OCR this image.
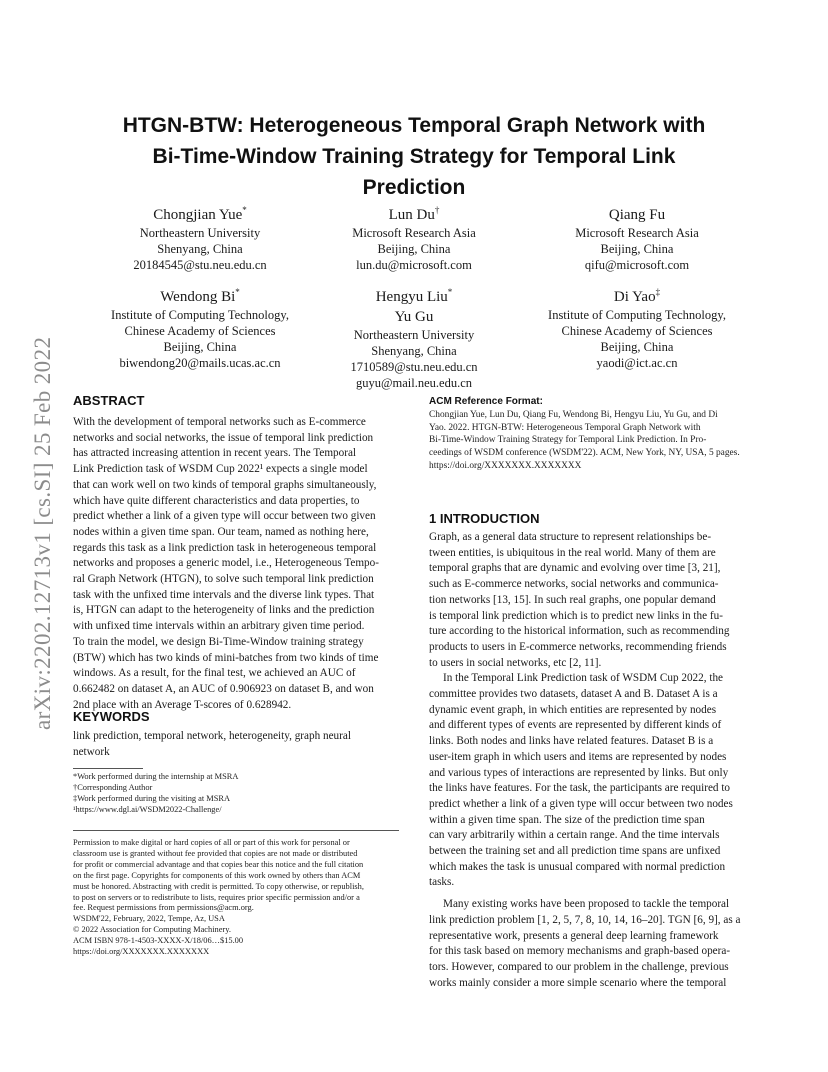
arXiv:2202.12713v1 [cs.SI] 25 Feb 2022
HTGN-BTW: Heterogeneous Temporal Graph Network with
Bi-Time-Window Training Strategy for Temporal Link
Prediction
Chongjian Yue*
Northeastern University
Shenyang, China
20184545@stu.neu.edu.cn
Lun Du†
Microsoft Research Asia
Beijing, China
lun.du@microsoft.com
Qiang Fu
Microsoft Research Asia
Beijing, China
qifu@microsoft.com
Wendong Bi*
Institute of Computing Technology,
Chinese Academy of Sciences
Beijing, China
biwendong20@mails.ucas.ac.cn
Hengyu Liu*
Yu Gu
Northeastern University
Shenyang, China
1710589@stu.neu.edu.cn
guyu@mail.neu.edu.cn
Di Yao‡
Institute of Computing Technology,
Chinese Academy of Sciences
Beijing, China
yaodi@ict.ac.cn
ABSTRACT
With the development of temporal networks such as E-commerce
networks and social networks, the issue of temporal link prediction
has attracted increasing attention in recent years. The Temporal
Link Prediction task of WSDM Cup 2022¹ expects a single model
that can work well on two kinds of temporal graphs simultaneously,
which have quite different characteristics and data properties, to
predict whether a link of a given type will occur between two given
nodes within a given time span. Our team, named as nothing here,
regards this task as a link prediction task in heterogeneous temporal
networks and proposes a generic model, i.e., Heterogeneous Tempo-
ral Graph Network (HTGN), to solve such temporal link prediction
task with the unfixed time intervals and the diverse link types. That
is, HTGN can adapt to the heterogeneity of links and the prediction
with unfixed time intervals within an arbitrary given time period.
To train the model, we design Bi-Time-Window training strategy
(BTW) which has two kinds of mini-batches from two kinds of time
windows. As a result, for the final test, we achieved an AUC of
0.662482 on dataset A, an AUC of 0.906923 on dataset B, and won
2nd place with an Average T-scores of 0.628942.
KEYWORDS
link prediction, temporal network, heterogeneity, graph neural
network
*Work performed during the internship at MSRA
†Corresponding Author
‡Work performed during the visiting at MSRA
¹https://www.dgl.ai/WSDM2022-Challenge/
Permission to make digital or hard copies of all or part of this work for personal or
classroom use is granted without fee provided that copies are not made or distributed
for profit or commercial advantage and that copies bear this notice and the full citation
on the first page. Copyrights for components of this work owned by others than ACM
must be honored. Abstracting with credit is permitted. To copy otherwise, or republish,
to post on servers or to redistribute to lists, requires prior specific permission and/or a
fee. Request permissions from permissions@acm.org.
WSDM'22, February, 2022, Tempe, Az, USA
© 2022 Association for Computing Machinery.
ACM ISBN 978-1-4503-XXXX-X/18/06…$15.00
https://doi.org/XXXXXXX.XXXXXXX
ACM Reference Format:
Chongjian Yue, Lun Du, Qiang Fu, Wendong Bi, Hengyu Liu, Yu Gu, and Di
Yao. 2022. HTGN-BTW: Heterogeneous Temporal Graph Network with
Bi-Time-Window Training Strategy for Temporal Link Prediction. In Pro-
ceedings of WSDM conference (WSDM'22). ACM, New York, NY, USA, 5 pages.
https://doi.org/XXXXXXX.XXXXXXX
1 INTRODUCTION
Graph, as a general data structure to represent relationships be-
tween entities, is ubiquitous in the real world. Many of them are
temporal graphs that are dynamic and evolving over time [3, 21],
such as E-commerce networks, social networks and communica-
tion networks [13, 15]. In such real graphs, one popular demand
is temporal link prediction which is to predict new links in the fu-
ture according to the historical information, such as recommending
products to users in E-commerce networks, recommending friends
to users in social networks, etc [2, 11].
In the Temporal Link Prediction task of WSDM Cup 2022, the
committee provides two datasets, dataset A and B. Dataset A is a
dynamic event graph, in which entities are represented by nodes
and different types of events are represented by different kinds of
links. Both nodes and links have related features. Dataset B is a
user-item graph in which users and items are represented by nodes
and various types of interactions are represented by links. But only
the links have features. For the task, the participants are required to
predict whether a link of a given type will occur between two nodes
within a given time span. The size of the prediction time span
can vary arbitrarily within a certain range. And the time intervals
between the training set and all prediction time spans are unfixed
which makes the task is unusual compared with normal prediction
tasks.
Many existing works have been proposed to tackle the temporal
link prediction problem [1, 2, 5, 7, 8, 10, 14, 16–20]. TGN [6, 9], as a
representative work, presents a general deep learning framework
for this task based on memory mechanisms and graph-based opera-
tors. However, compared to our problem in the challenge, previous
works mainly consider a more simple scenario where the temporal
